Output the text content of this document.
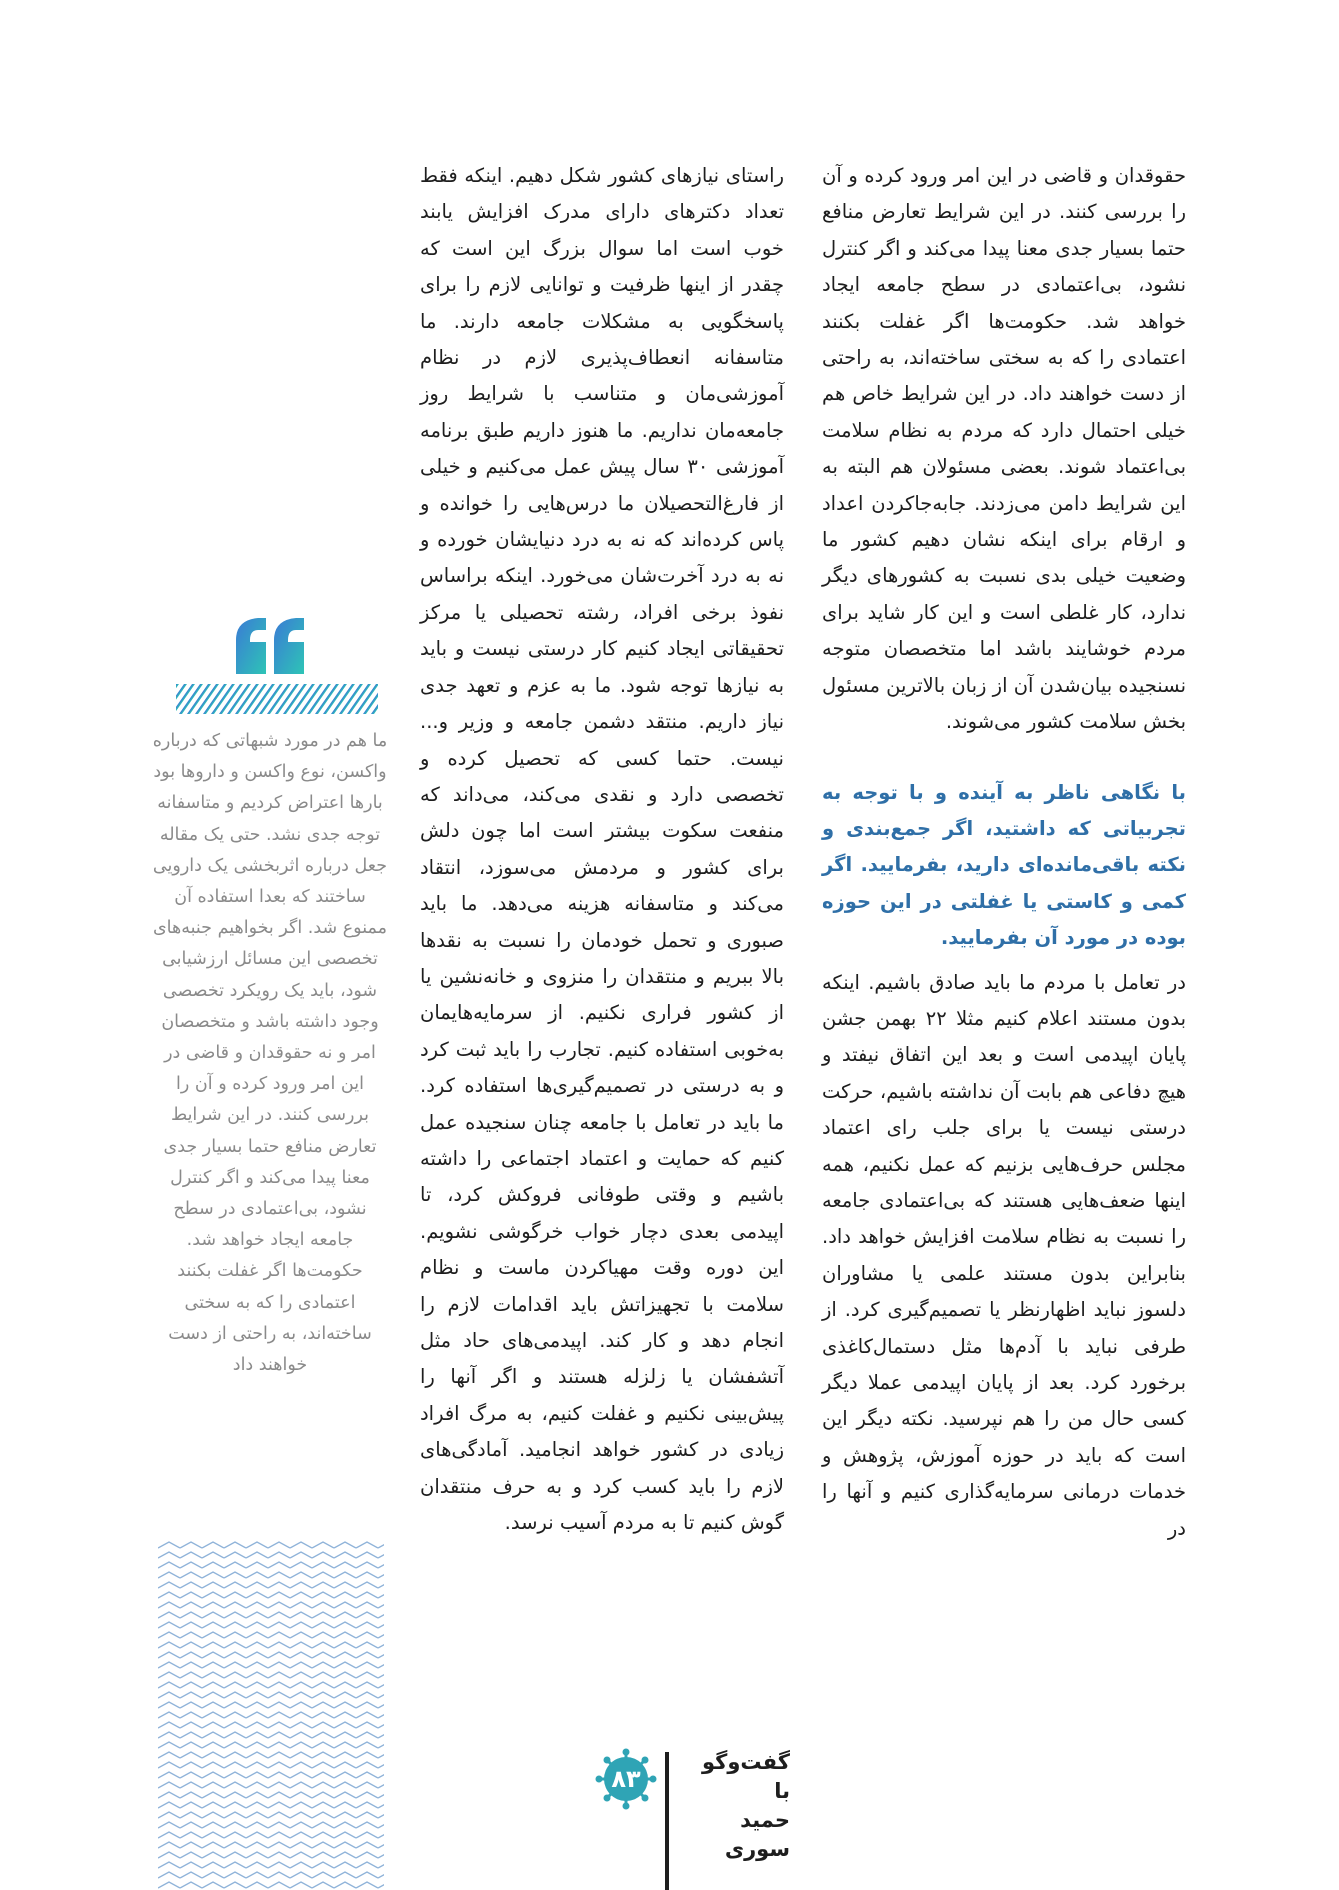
حقوقدان و قاضی در این امر ورود کرده و آن را بررسی کنند. در این شرایط تعارض منافع حتما بسیار جدی معنا پیدا می‌کند و اگر کنترل نشود، بی‌اعتمادی در سطح جامعه ایجاد خواهد شد. حکومت‌ها اگر غفلت بکنند اعتمادی را که به سختی ساخته‌اند، به راحتی از دست خواهند داد. در این شرایط خاص هم خیلی احتمال دارد که مردم به نظام سلامت بی‌اعتماد شوند. بعضی مسئولان هم البته به این شرایط دامن می‌زدند. جابه‌جاکردن اعداد و ارقام برای اینکه نشان دهیم کشور ما وضعیت خیلی بدی نسبت به کشورهای دیگر ندارد، کار غلطی است و این کار شاید برای مردم خوشایند باشد اما متخصصان متوجه نسنجیده بیان‌شدن آن از زبان بالاترین مسئول بخش سلامت کشور می‌شوند.

با نگاهی ناظر به آینده و با توجه به تجربیاتی که داشتید، اگر جمع‌بندی و نکته باقی‌مانده‌ای دارید، بفرمایید. اگر کمی و کاستی یا غفلتی در این حوزه بوده در مورد آن بفرمایید.

در تعامل با مردم ما باید صادق باشیم. اینکه بدون مستند اعلام کنیم مثلا ۲۲ بهمن جشن پایان اپیدمی است و بعد این اتفاق نیفتد و هیچ دفاعی هم بابت آن نداشته باشیم، حرکت درستی نیست یا برای جلب رای اعتماد مجلس حرف‌هایی بزنیم که عمل نکنیم، همه اینها ضعف‌هایی هستند که بی‌اعتمادی جامعه را نسبت به نظام سلامت افزایش خواهد داد. بنابراین بدون مستند علمی یا مشاوران دلسوز نباید اظهارنظر یا تصمیم‌گیری کرد. از طرفی نباید با آدم‌ها مثل دستمال‌کاغذی برخورد کرد. بعد از پایان اپیدمی عملا دیگر کسی حال من را هم نپرسید. نکته دیگر این است که باید در حوزه آموزش، پژوهش و خدمات درمانی سرمایه‌گذاری کنیم و آنها را در

راستای نیازهای کشور شکل دهیم. اینکه فقط تعداد دکترهای دارای مدرک افزایش یابند خوب است اما سوال بزرگ این است که چقدر از اینها ظرفیت و توانایی لازم را برای پاسخگویی به مشکلات جامعه دارند. ما متاسفانه انعطاف‌پذیری لازم در نظام آموزشی‌مان و متناسب با شرایط روز جامعه‌مان نداریم. ما هنوز داریم طبق برنامه آموزشی ۳۰ سال پیش عمل می‌کنیم و خیلی از فارغ‌التحصیلان ما درس‌هایی را خوانده و پاس کرده‌اند که نه به درد دنیایشان خورده و نه به درد آخرت‌شان می‌خورد. اینکه براساس نفوذ برخی افراد، رشته تحصیلی یا مرکز تحقیقاتی ایجاد کنیم کار درستی نیست و باید به نیازها توجه شود. ما به عزم و تعهد جدی نیاز داریم. منتقد دشمن جامعه و وزیر و... نیست. حتما کسی که تحصیل کرده و تخصصی دارد و نقدی می‌کند، می‌داند که منفعت سکوت بیشتر است اما چون دلش برای کشور و مردمش می‌سوزد، انتقاد می‌کند و متاسفانه هزینه می‌دهد. ما باید صبوری و تحمل خودمان را نسبت به نقدها بالا ببریم و منتقدان را منزوی و خانه‌نشین یا از کشور فراری نکنیم. از سرمایه‌هایمان به‌خوبی استفاده کنیم. تجارب را باید ثبت کرد و به درستی در تصمیم‌گیری‌ها استفاده کرد. ما باید در تعامل با جامعه چنان سنجیده عمل کنیم که حمایت و اعتماد اجتماعی را داشته باشیم و وقتی طوفانی فروکش کرد، تا اپیدمی بعدی دچار خواب خرگوشی نشویم. این دوره وقت مهیاکردن ماست و نظام سلامت با تجهیزاتش باید اقدامات لازم را انجام دهد و کار کند. اپیدمی‌های حاد مثل آتشفشان یا زلزله هستند و اگر آنها را پیش‌بینی نکنیم و غفلت کنیم، به مرگ افراد زیادی در کشور خواهد انجامید. آمادگی‌های لازم را باید کسب کرد و به حرف منتقدان گوش کنیم تا به مردم آسیب نرسد.

ما هم در مورد شبهاتی که درباره واکسن، نوع واکسن و داروها بود بارها اعتراض کردیم و متاسفانه توجه جدی نشد. حتی یک مقاله جعل درباره اثربخشی یک دارویی ساختند که بعدا استفاده آن ممنوع شد. اگر بخواهیم جنبه‌های تخصصی این مسائل ارزشیابی شود، باید یک رویکرد تخصصی وجود داشته باشد و متخصصان امر و نه حقوقدان و قاضی در این امر ورود کرده و آن را بررسی کنند. در این شرایط تعارض منافع حتما بسیار جدی معنا پیدا می‌کند و اگر کنترل نشود، بی‌اعتمادی در سطح جامعه ایجاد خواهد شد. حکومت‌ها اگر غفلت بکنند اعتمادی را که به سختی ساخته‌اند، به راحتی از دست خواهند داد
۸۳
گفت‌وگو با
حمید سوری
